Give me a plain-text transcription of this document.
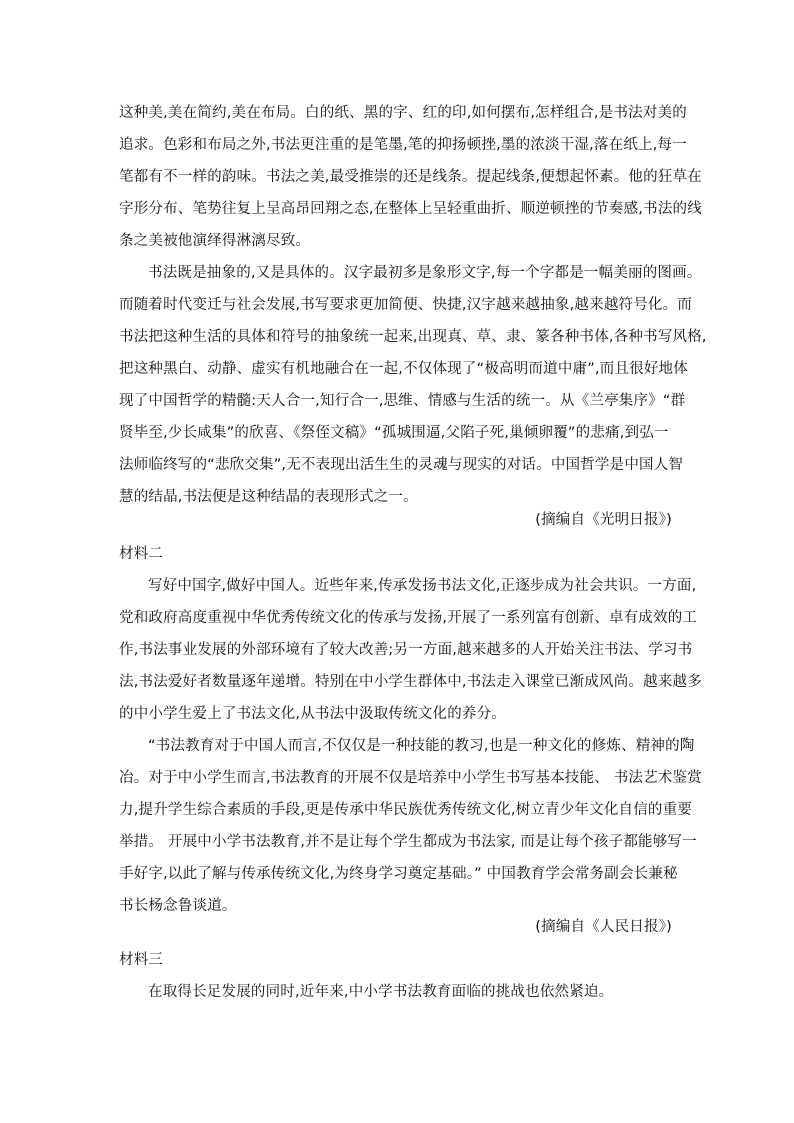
这种美,美在简约,美在布局。白的纸、黑的字、红的印,如何摆布,怎样组合,是书法对美的
追求。色彩和布局之外,书法更注重的是笔墨,笔的抑扬顿挫,墨的浓淡干湿,落在纸上,每一
笔都有不一样的韵味。书法之美,最受推崇的还是线条。提起线条,便想起怀素。他的狂草在
字形分布、笔势往复上呈高昂回翔之态,在整体上呈轻重曲折、顺逆顿挫的节奏感,书法的线
条之美被他演绎得淋漓尽致。
书法既是抽象的,又是具体的。汉字最初多是象形文字,每一个字都是一幅美丽的图画。
而随着时代变迁与社会发展,书写要求更加简便、快捷,汉字越来越抽象,越来越符号化。而
书法把这种生活的具体和符号的抽象统一起来,出现真、草、隶、篆各种书体,各种书写风格,
把这种黑白、动静、虚实有机地融合在一起,不仅体现了“极高明而道中庸”,而且很好地体
现了中国哲学的精髓:天人合一,知行合一,思维、情感与生活的统一。从《兰亭集序》“群
贤毕至,少长咸集”的欣喜、《祭侄文稿》“孤城围逼,父陷子死,巢倾卵覆”的悲痛,到弘一
法师临终写的“悲欣交集”,无不表现出活生生的灵魂与现实的对话。中国哲学是中国人智
慧的结晶,书法便是这种结晶的表现形式之一。
(摘编自《光明日报》)
材料二
写好中国字,做好中国人。近些年来,传承发扬书法文化,正逐步成为社会共识。一方面,
党和政府高度重视中华优秀传统文化的传承与发扬,开展了一系列富有创新、卓有成效的工
作,书法事业发展的外部环境有了较大改善;另一方面,越来越多的人开始关注书法、学习书
法,书法爱好者数量逐年递增。特别在中小学生群体中,书法走入课堂已渐成风尚。越来越多
的中小学生爱上了书法文化,从书法中汲取传统文化的养分。
“书法教育对于中国人而言,不仅仅是一种技能的教习,也是一种文化的修炼、精神的陶
冶。对于中小学生而言,书法教育的开展不仅是培养中小学生书写基本技能、 书法艺术鉴赏
力,提升学生综合素质的手段,更是传承中华民族优秀传统文化,树立青少年文化自信的重要
举措。 开展中小学书法教育,并不是让每个学生都成为书法家, 而是让每个孩子都能够写一
手好字,以此了解与传承传统文化,为终身学习奠定基础。” 中国教育学会常务副会长兼秘
书长杨念鲁谈道。
(摘编自《人民日报》)
材料三
在取得长足发展的同时,近年来,中小学书法教育面临的挑战也依然紧迫。
